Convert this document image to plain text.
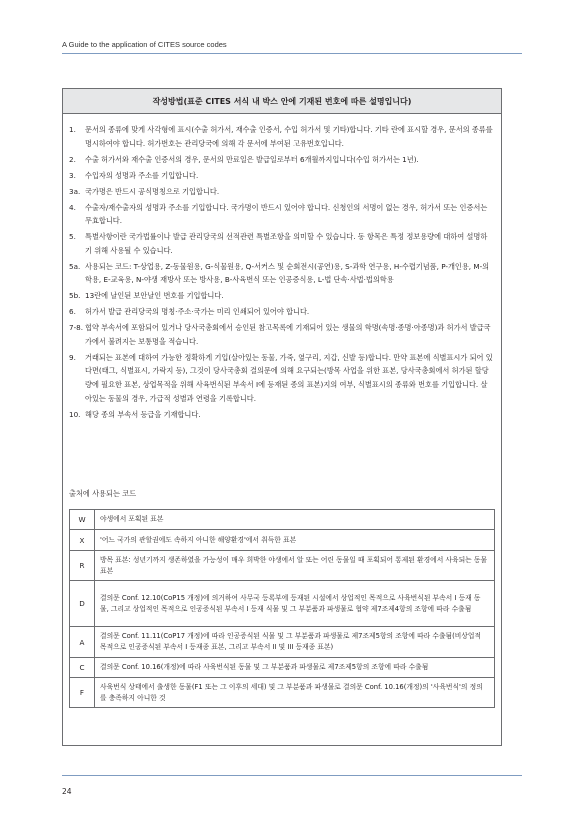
A Guide to the application of CITES source codes
작성방법(표준 CITES 서식 내 박스 안에 기재된 번호에 따른 설명입니다)
1.	문서의 종류에 맞게 사각형에 표시(수출 허가서, 재수출 인증서, 수입 허가서 및 기타)합니다. 기타 란에 표시할 경우, 문서의 종류를 명시하여야 합니다. 허가번호는 관리당국에 의해 각 문서에 부여된 고유번호입니다.
2.	수출 허가서와 재수출 인증서의 경우, 문서의 만료일은 발급일로부터 6개월까지입니다(수입 허가서는 1년).
3.	수입자의 성명과 주소를 기입합니다.
3a. 국가명은 반드시 공식명칭으로 기입합니다.
4.	수출자/재수출자의 성명과 주소를 기입합니다. 국가명이 반드시 있어야 합니다. 신청인의 서명이 없는 경우, 허가서 또는 인증서는 무효합니다.
5.	특별사항이란 국가법률이나 발급 관리당국의 선적관련 특별조항을 의미할 수 있습니다. 동 항목은 특정 정보용량에 대하여 설명하기 위해 사용될 수 있습니다.
5a. 사용되는 코드: T-상업용, Z-동물원용, G-식물원용, Q-서커스 및 순회전시(공연)용, S-과학 연구용, H-수렵기념품, P-개인용, M-의학용, E-교육용, N-야생 재방사 또는 방사용, B-사육번식 또는 인공증식용, L-법 단속·사법·법의학용
5b. 13란에 날인된 보안날인 번호를 기입합니다.
6.	허가서 발급 관리당국의 명칭·주소·국가는 미리 인쇄되어 있어야 합니다.
7-8. 협약 부속서에 포함되어 있거나 당사국총회에서 승인된 참고목록에 기재되어 있는 생물의 학명(속명·종명·아종명)과 허가서 발급국가에서 불려지는 보통명을 적습니다.
9.	거래되는 표본에 대하여 가능한 정확하게 기입(살아있는 동물, 가죽, 옆구리, 지갑, 신발 등)합니다. 만약 표본에 식별표시가 되어 있다면(태그, 식별표시, 가락지 등), 그것이 당사국총회 결의문에 의해 요구되는(방목 사업을 위한 표본, 당사국총회에서 허가된 할당량에 필요한 표본, 상업목적을 위해 사육번식된 부속서 I에 등재된 종의 표본)지의 여부, 식별표시의 종류와 번호를 기입합니다. 살아있는 동물의 경우, 가급적 성별과 연령을 기록합니다.
10. 해당 종의 부속서 등급을 기재합니다.
출처에 사용되는 코드
W	야생에서 포획된 표본
X	'어느 국가의 관할권에도 속하지 아니한 해양환경'에서 취득한 표본
R	방목 표본: 성년기까지 생존하였을 가능성이 매우 희박한 야생에서 알 또는 어린 동물일 때 포획되어 통제된 환경에서 사육되는 동물 표본
D	결의문 Conf. 12.10(CoP15 개정)에 의거하여 사무국 등록부에 등재된 시설에서 상업적인 목적으로 사육번식된 부속서 I 등재 동물, 그리고 상업적인 목적으로 인공증식된 부속서 I 등재 식물 및 그 부분품과 파생물로 협약 제7조제4항의 조항에 따라 수출됨
A	결의문 Conf. 11.11(CoP17 개정)에 따라 인공증식된 식물 및 그 부분품과 파생물로 제7조제5항의 조항에 따라 수출됨(비상업적 목적으로 인공증식된 부속서 I 등재종 표본, 그리고 부속서 II 및 III 등재종 표본)
C	결의문 Conf. 10.16(개정)에 따라 사육번식된 동물 및 그 부분품과 파생물로 제7조제5항의 조항에 따라 수출됨
F	사육번식 상태에서 출생한 동물(F1 또는 그 이후의 세대) 및 그 부분품과 파생물로 결의문 Conf. 10.16(개정)의 '사육번식'의 정의를 충족하지 아니한 것
24
